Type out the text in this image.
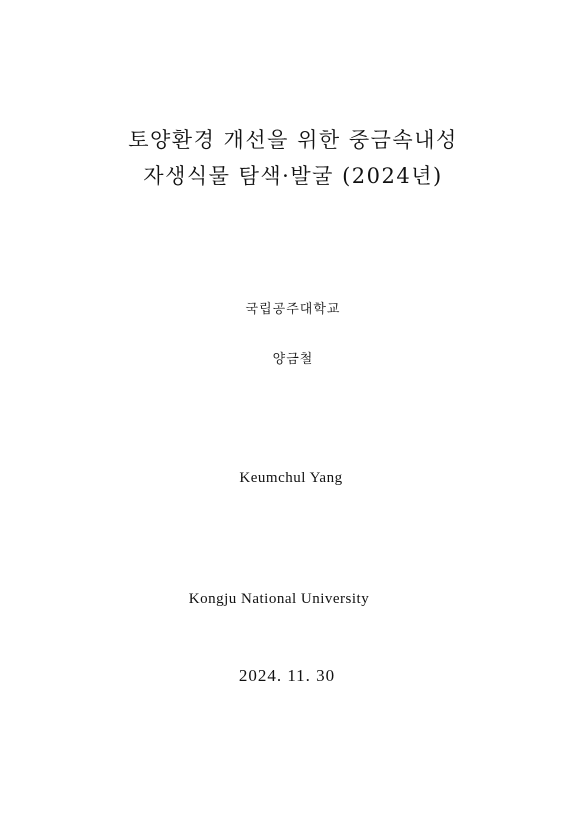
토양환경 개선을 위한 중금속내성
자생식물 탐색·발굴 (2024년)
국립공주대학교
양금철
Keumchul Yang
Kongju National University
2024. 11. 30
